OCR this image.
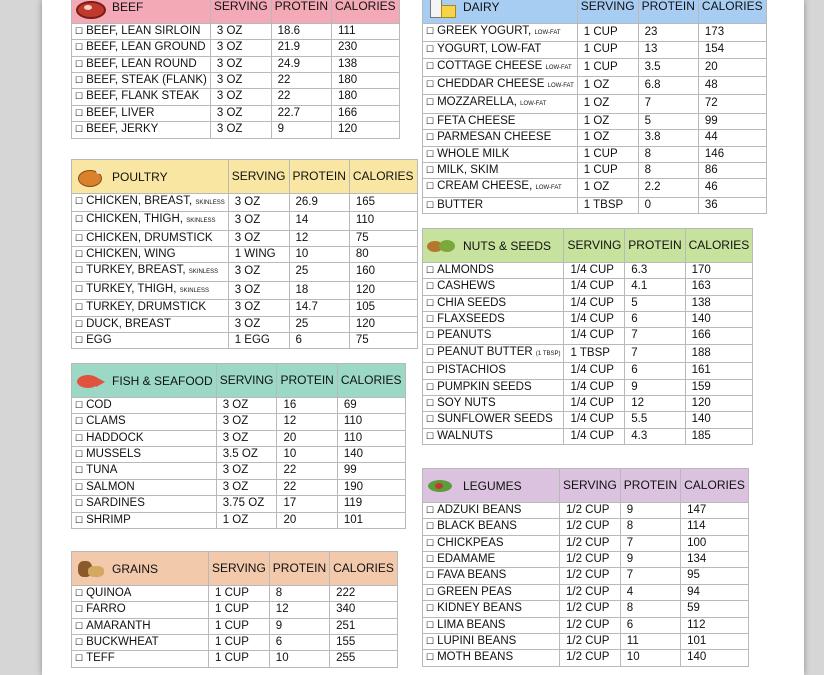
BEEF	SERVING	PROTEIN	CALORIES
☐ BEEF, LEAN SIRLOIN	3 OZ	18.6	111
☐ BEEF, LEAN GROUND	3 OZ	21.9	230
☐ BEEF, LEAN ROUND	3 OZ	24.9	138
☐ BEEF, STEAK (FLANK)	3 OZ	22	180
☐ BEEF, FLANK STEAK	3 OZ	22	180
☐ BEEF, LIVER	3 OZ	22.7	166
☐ BEEF, JERKY	3 OZ	9	120
POULTRY	SERVING	PROTEIN	CALORIES
☐ CHICKEN, BREAST, SKINLESS	3 OZ	26.9	165
☐ CHICKEN, THIGH, SKINLESS	3 OZ	14	110
☐ CHICKEN, DRUMSTICK	3 OZ	12	75
☐ CHICKEN, WING	1 WING	10	80
☐ TURKEY, BREAST, SKINLESS	3 OZ	25	160
☐ TURKEY, THIGH, SKINLESS	3 OZ	18	120
☐ TURKEY, DRUMSTICK	3 OZ	14.7	105
☐ DUCK, BREAST	3 OZ	25	120
☐ EGG	1 EGG	6	75
FISH & SEAFOOD	SERVING	PROTEIN	CALORIES
☐ COD	3 OZ	16	69
☐ CLAMS	3 OZ	12	110
☐ HADDOCK	3 OZ	20	110
☐ MUSSELS	3.5 OZ	10	140
☐ TUNA	3 OZ	22	99
☐ SALMON	3 OZ	22	190
☐ SARDINES	3.75 OZ	17	119
☐ SHRIMP	1 OZ	20	101
GRAINS	SERVING	PROTEIN	CALORIES
☐ QUINOA	1 CUP	8	222
☐ FARRO	1 CUP	12	340
☐ AMARANTH	1 CUP	9	251
☐ BUCKWHEAT	1 CUP	6	155
☐ TEFF	1 CUP	10	255
DAIRY	SERVING	PROTEIN	CALORIES
☐ GREEK YOGURT, LOW-FAT	1 CUP	23	173
☐ YOGURT, LOW-FAT	1 CUP	13	154
☐ COTTAGE CHEESE LOW-FAT	1 CUP	3.5	20
☐ CHEDDAR CHEESE LOW-FAT	1 OZ	6.8	48
☐ MOZZARELLA, LOW-FAT	1 OZ	7	72
☐ FETA CHEESE	1 OZ	5	99
☐ PARMESAN CHEESE	1 OZ	3.8	44
☐ WHOLE MILK	1 CUP	8	146
☐ MILK, SKIM	1 CUP	8	86
☐ CREAM CHEESE, LOW-FAT	1 OZ	2.2	46
☐ BUTTER	1 TBSP	0	36
NUTS & SEEDS	SERVING	PROTEIN	CALORIES
☐ ALMONDS	1/4 CUP	6.3	170
☐ CASHEWS	1/4 CUP	4.1	163
☐ CHIA SEEDS	1/4 CUP	5	138
☐ FLAXSEEDS	1/4 CUP	6	140
☐ PEANUTS	1/4 CUP	7	166
☐ PEANUT BUTTER (1 TBSP)	1 TBSP	7	188
☐ PISTACHIOS	1/4 CUP	6	161
☐ PUMPKIN SEEDS	1/4 CUP	9	159
☐ SOY NUTS	1/4 CUP	12	120
☐ SUNFLOWER SEEDS	1/4 CUP	5.5	140
☐ WALNUTS	1/4 CUP	4.3	185
LEGUMES	SERVING	PROTEIN	CALORIES
☐ ADZUKI BEANS	1/2 CUP	9	147
☐ BLACK BEANS	1/2 CUP	8	114
☐ CHICKPEAS	1/2 CUP	7	100
☐ EDAMAME	1/2 CUP	9	134
☐ FAVA BEANS	1/2 CUP	7	95
☐ GREEN PEAS	1/2 CUP	4	94
☐ KIDNEY BEANS	1/2 CUP	8	59
☐ LIMA BEANS	1/2 CUP	6	112
☐ LUPINI BEANS	1/2 CUP	11	101
☐ MOTH BEANS	1/2 CUP	10	140
